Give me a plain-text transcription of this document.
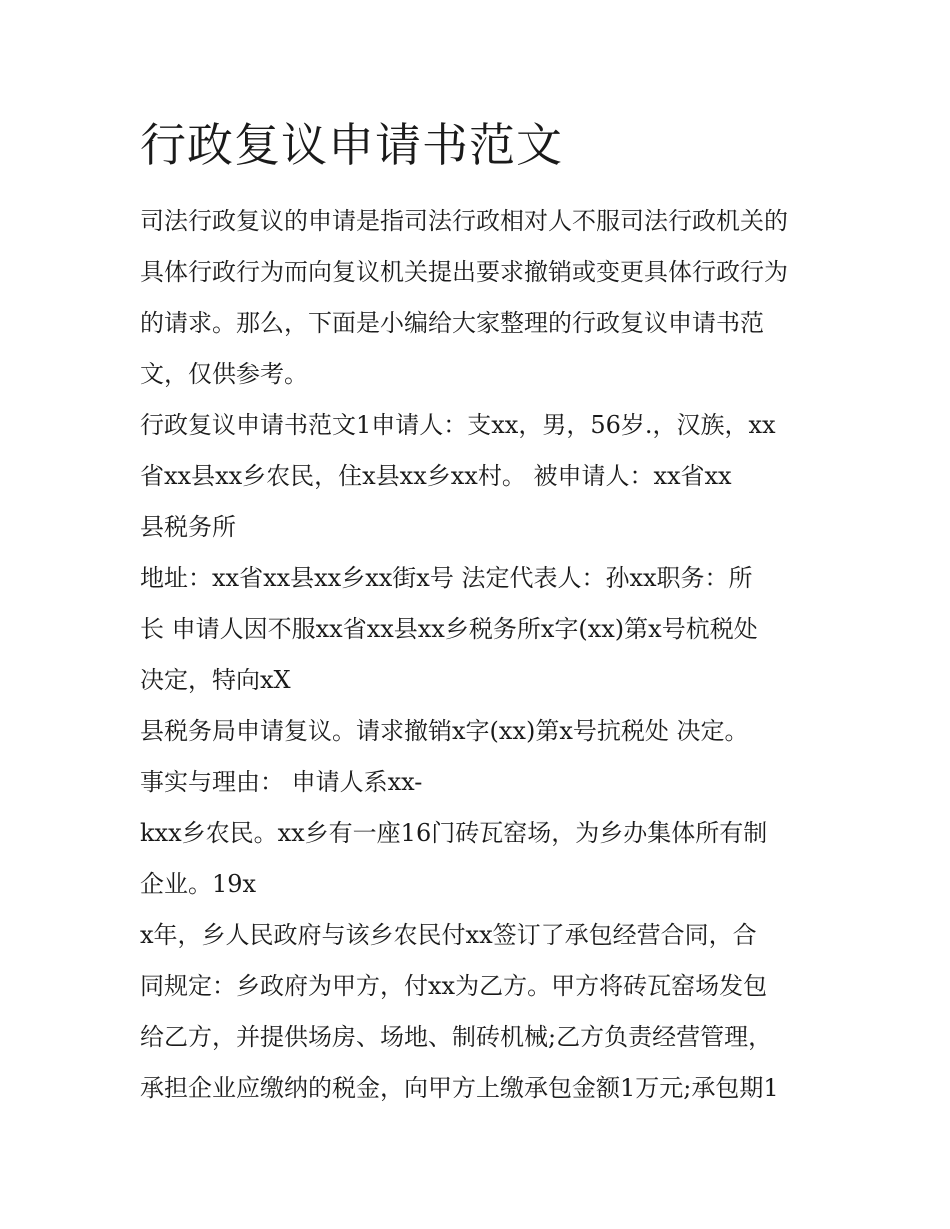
行政复议申请书范文
司法行政复议的申请是指司法行政相对人不服司法行政机关的
具体行政行为而向复议机关提出要求撤销或变更具体行政行为
的请求。那么，下面是小编给大家整理的行政复议申请书范
文，仅供参考。
行政复议申请书范文1申请人：支xx，男，56岁.，汉族，xx
省xx县xx乡农民，住x县xx乡xx村。 被申请人：xx省xx
县税务所
地址：xx省xx县xx乡xx街x号 法定代表人：孙xx职务：所
长 申请人因不服xx省xx县xx乡税务所x字(xx)第x号杭税处
决定，特向xX
县税务局申请复议。请求撤销x字(xx)第x号抗税处 决定。
事实与理由： 申请人系xx-
kxx乡农民。xx乡有一座16门砖瓦窑场，为乡办集体所有制
企业。19x
x年，乡人民政府与该乡农民付xx签订了承包经营合同，合
同规定：乡政府为甲方，付xx为乙方。甲方将砖瓦窑场发包
给乙方，并提供场房、场地、制砖机械;乙方负责经营管理，
承担企业应缴纳的税金，向甲方上缴承包金额1万元;承包期1
